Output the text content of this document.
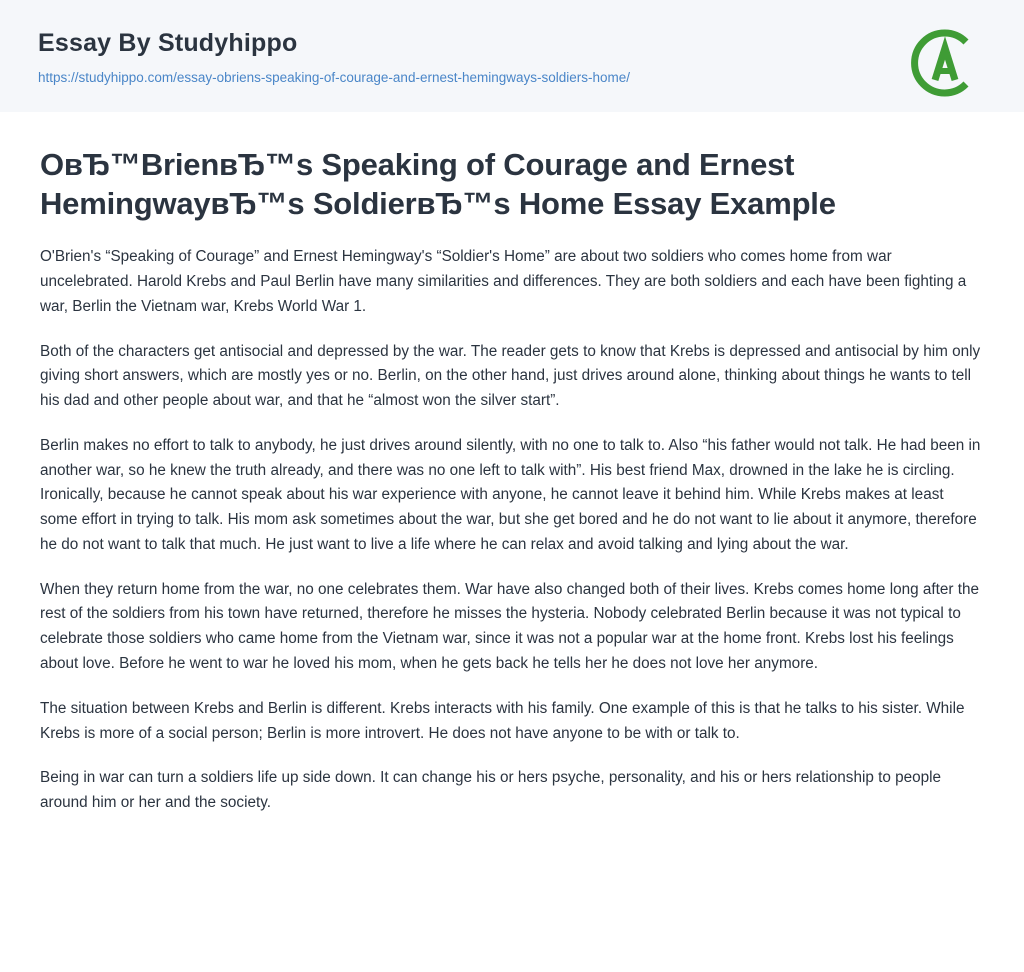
Essay By Studyhippo
https://studyhippo.com/essay-obriens-speaking-of-courage-and-ernest-hemingways-soldiers-home/
OвЂ™BrienвЂ™s Speaking of Courage and Ernest HemingwayвЂ™s SoldierвЂ™s Home Essay Example

O'Brien's “Speaking of Courage” and Ernest Hemingway's “Soldier's Home” are about two soldiers who comes home from war uncelebrated. Harold Krebs and Paul Berlin have many similarities and differences. They are both soldiers and each have been fighting a war, Berlin the Vietnam war, Krebs World War 1.

Both of the characters get antisocial and depressed by the war. The reader gets to know that Krebs is depressed and antisocial by him only giving short answers, which are mostly yes or no. Berlin, on the other hand, just drives around alone, thinking about things he wants to tell his dad and other people about war, and that he “almost won the silver start”.

Berlin makes no effort to talk to anybody, he just drives around silently, with no one to talk to. Also “his father would not talk. He had been in another war, so he knew the truth already, and there was no one left to talk with”. His best friend Max, drowned in the lake he is circling. Ironically, because he cannot speak about his war experience with anyone, he cannot leave it behind him. While Krebs makes at least some effort in trying to talk. His mom ask sometimes about the war, but she get bored and he do not want to lie about it anymore, therefore he do not want to talk that much. He just want to live a life where he can relax and avoid talking and lying about the war.

When they return home from the war, no one celebrates them. War have also changed both of their lives. Krebs comes home long after the rest of the soldiers from his town have returned, therefore he misses the hysteria. Nobody celebrated Berlin because it was not typical to celebrate those soldiers who came home from the Vietnam war, since it was not a popular war at the home front. Krebs lost his feelings about love. Before he went to war he loved his mom, when he gets back he tells her he does not love her anymore.

The situation between Krebs and Berlin is different. Krebs interacts with his family. One example of this is that he talks to his sister. While Krebs is more of a social person; Berlin is more introvert. He does not have anyone to be with or talk to.

Being in war can turn a soldiers life up side down. It can change his or hers psyche, personality, and his or hers relationship to people around him or her and the society.
